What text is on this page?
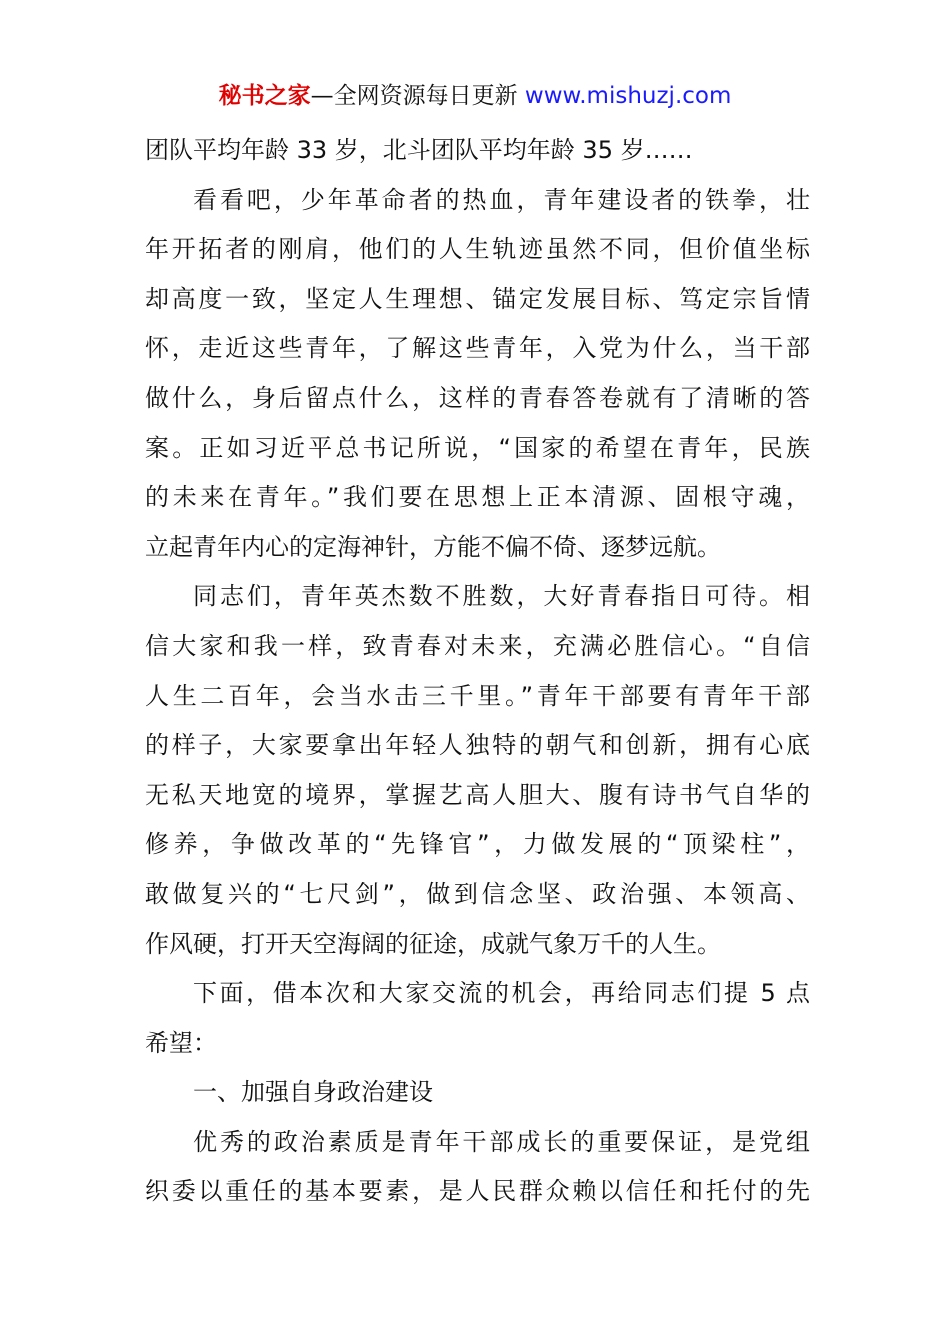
秘书之家—全网资源每日更新 www.mishuzj.com
团队平均年龄 33 岁，北斗团队平均年龄 35 岁……
看看吧，少年革命者的热血，青年建设者的铁拳，壮
年开拓者的刚肩，他们的人生轨迹虽然不同，但价值坐标
却高度一致，坚定人生理想、锚定发展目标、笃定宗旨情
怀，走近这些青年，了解这些青年，入党为什么，当干部
做什么，身后留点什么，这样的青春答卷就有了清晰的答
案。正如习近平总书记所说，“国家的希望在青年，民族
的未来在青年。”我们要在思想上正本清源、固根守魂，
立起青年内心的定海神针，方能不偏不倚、逐梦远航。
同志们，青年英杰数不胜数，大好青春指日可待。相
信大家和我一样，致青春对未来，充满必胜信心。“自信
人生二百年，会当水击三千里。”青年干部要有青年干部
的样子，大家要拿出年轻人独特的朝气和创新，拥有心底
无私天地宽的境界，掌握艺高人胆大、腹有诗书气自华的
修养，争做改革的“先锋官”，力做发展的“顶梁柱”，
敢做复兴的“七尺剑”，做到信念坚、政治强、本领高、
作风硬，打开天空海阔的征途，成就气象万千的人生。
下面，借本次和大家交流的机会，再给同志们提 5 点
希望：
一、加强自身政治建设
优秀的政治素质是青年干部成长的重要保证，是党组
织委以重任的基本要素，是人民群众赖以信任和托付的先
